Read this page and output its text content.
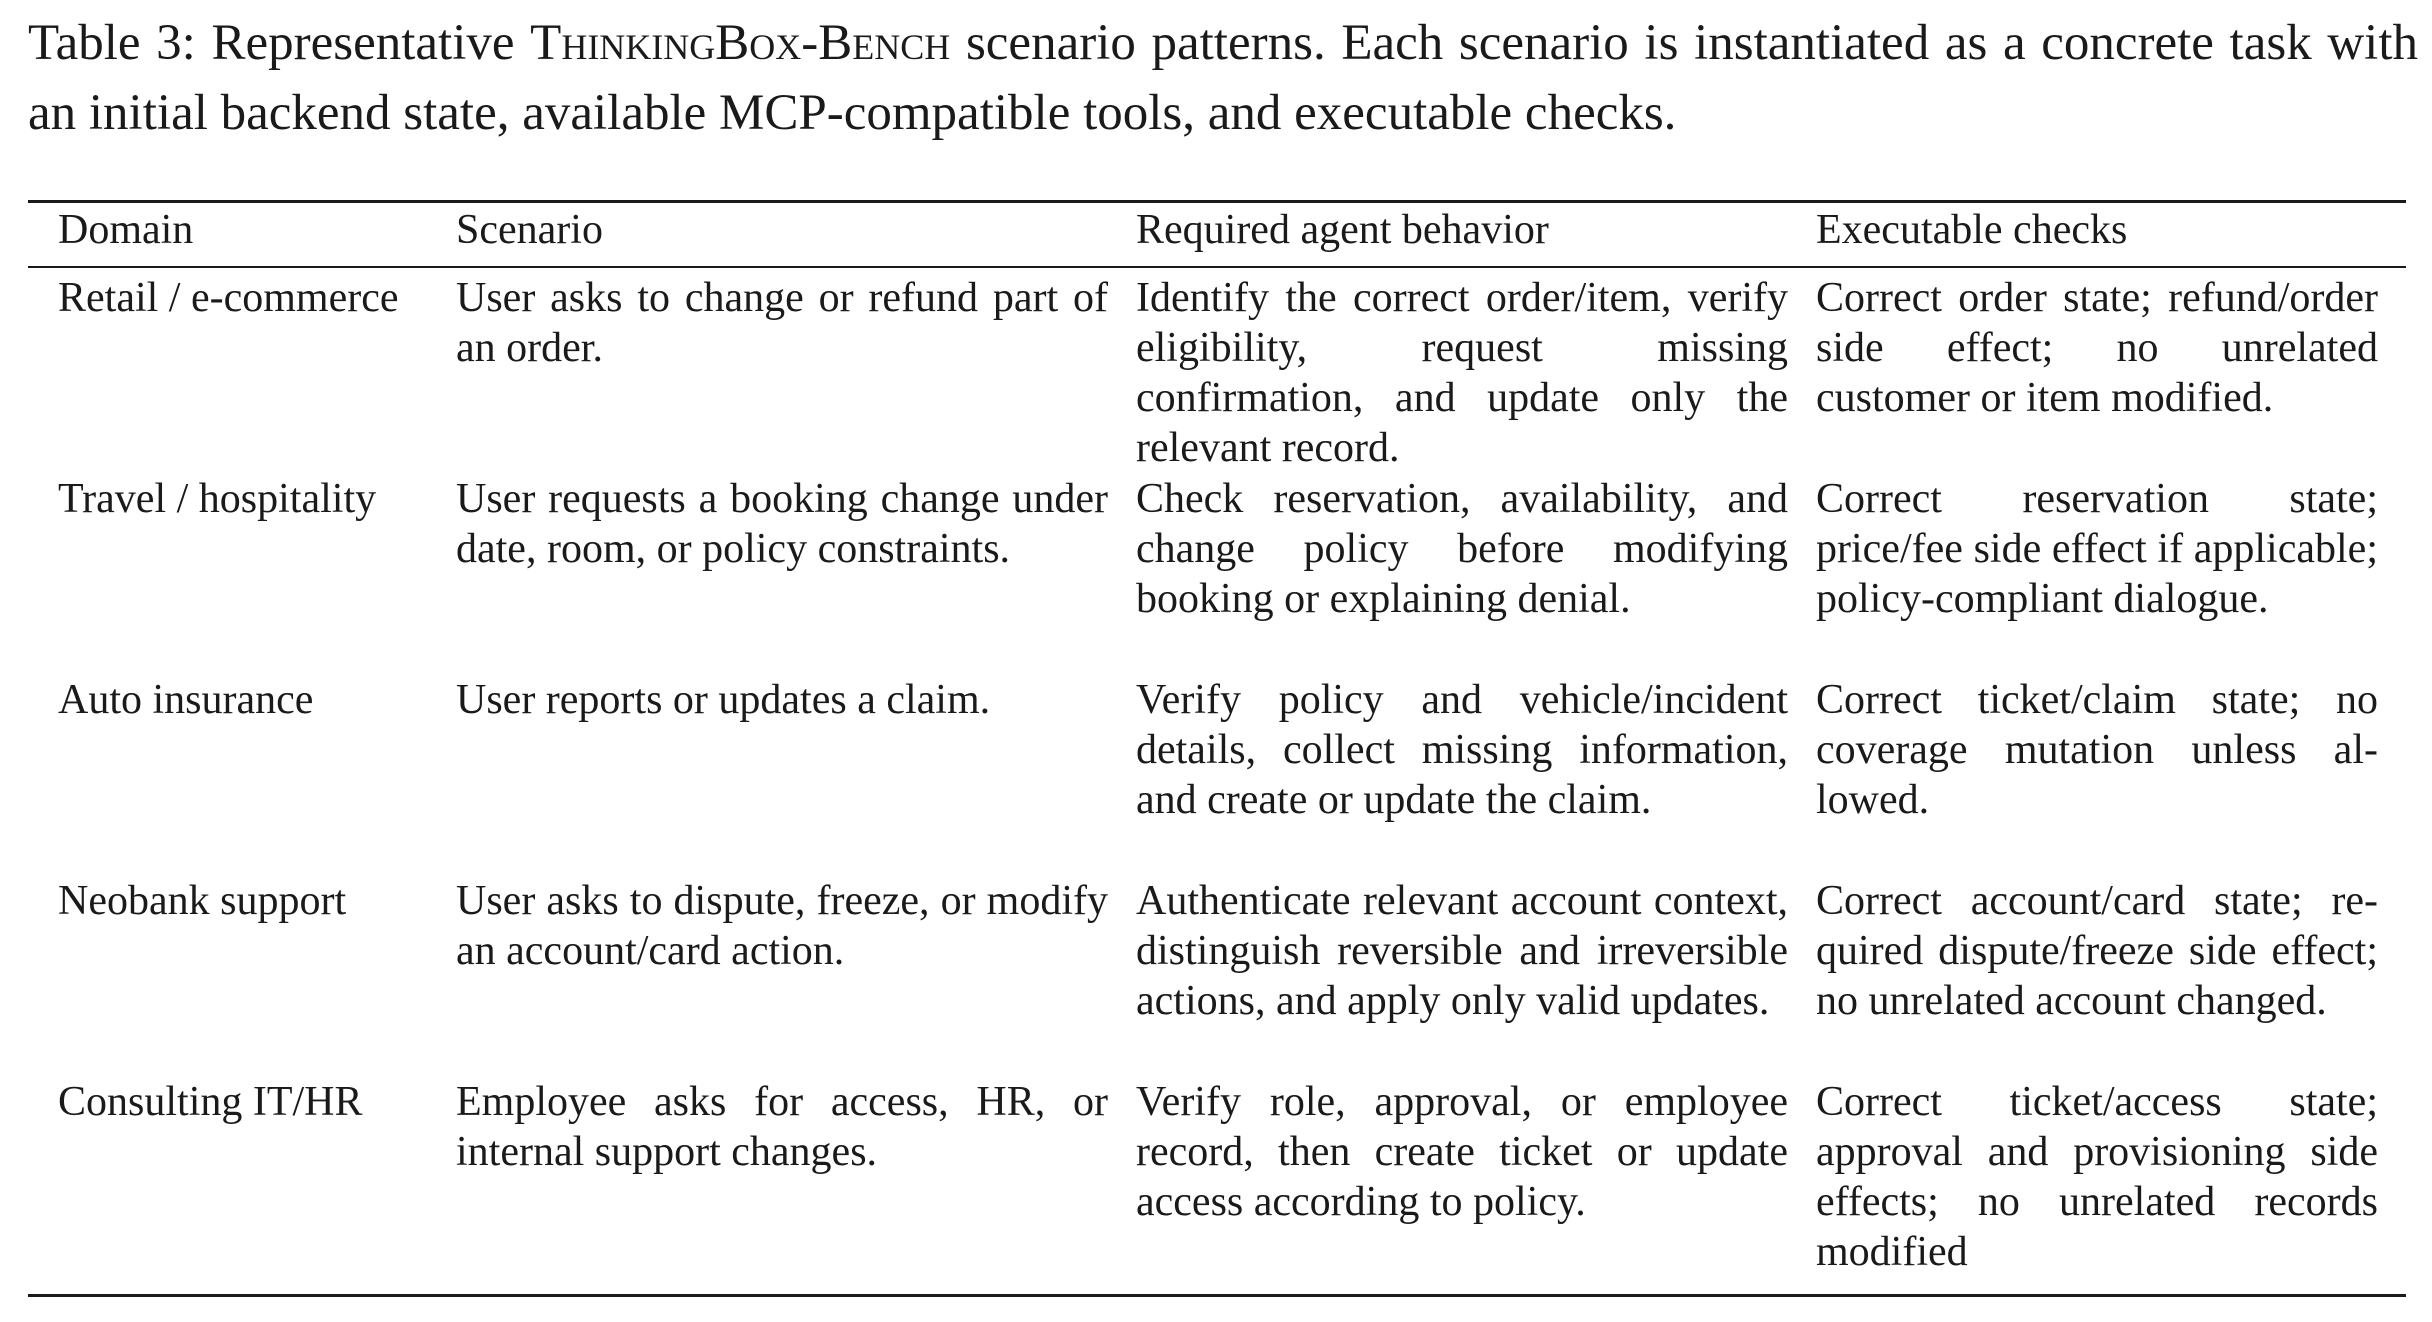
Table 3: Representative ThinkingBox-Bench scenario patterns. Each scenario is instantiated as a concrete task with an initial backend state, available MCP-compatible tools, and executable checks.
Domain	Scenario	Required agent behavior	Executable checks

Retail / e-commerce	User asks to change or refund part of an order.	Identify the correct order/item, verify eligibility, request missing confirmation, and update only the relevant record.	Correct order state; refund/order side effect; no unrelated customer or item modified.

Travel / hospitality	User requests a booking change under date, room, or policy constraints.	Check reservation, availability, and change policy before modifying booking or explaining denial.	Correct reservation state; price/fee side effect if applicable; policy-compliant dialogue.

Auto insurance	User reports or updates a claim.	Verify policy and vehicle/incident details, collect missing information, and create or update the claim.	Correct ticket/claim state; no coverage mutation unless allowed.

Neobank support	User asks to dispute, freeze, or modify an account/card action.	Authenticate relevant account context, distinguish reversible and irreversible actions, and apply only valid updates.	Correct account/card state; required dispute/freeze side effect; no unrelated account changed.

Consulting IT/HR	Employee asks for access, HR, or internal support changes.	Verify role, approval, or employee record, then create ticket or update access according to policy.	Correct ticket/access state; approval and provisioning side effects; no unrelated records modified
